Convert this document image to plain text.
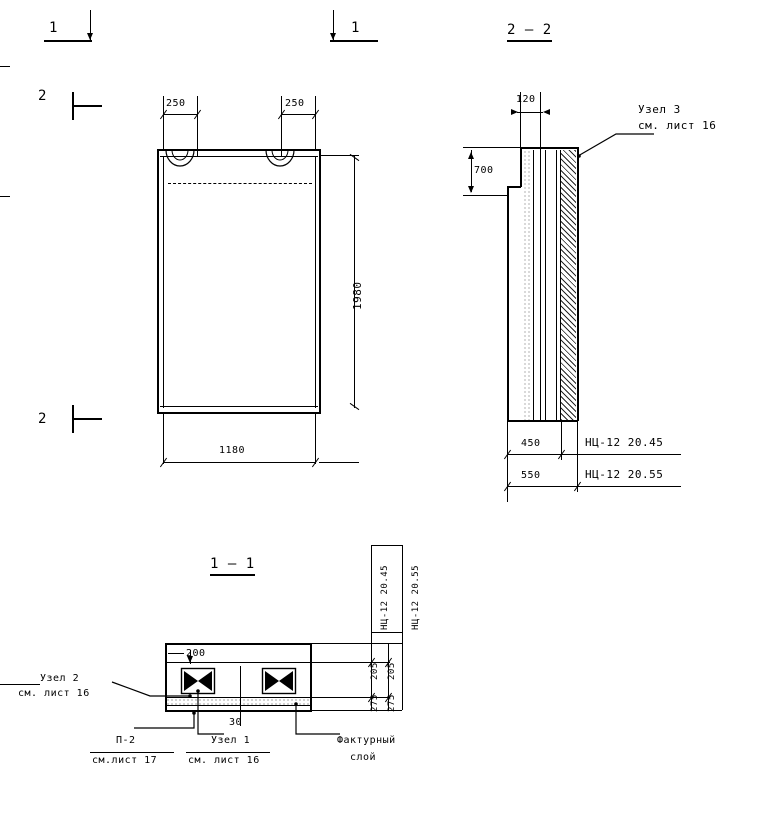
1	1
2
2
250	250
1980
1180
2 — 2
120
700
Узел 3
см. лист 16
450	НЦ-12 20.45
550	НЦ-12 20.55
1 — 1
200
30
205 205
275 275
НЦ-12 20.45 НЦ-12 20.55
Узел 2
см. лист 16
П-2
см.лист 17
Узел 1
см. лист 16
Фактурный
слой
